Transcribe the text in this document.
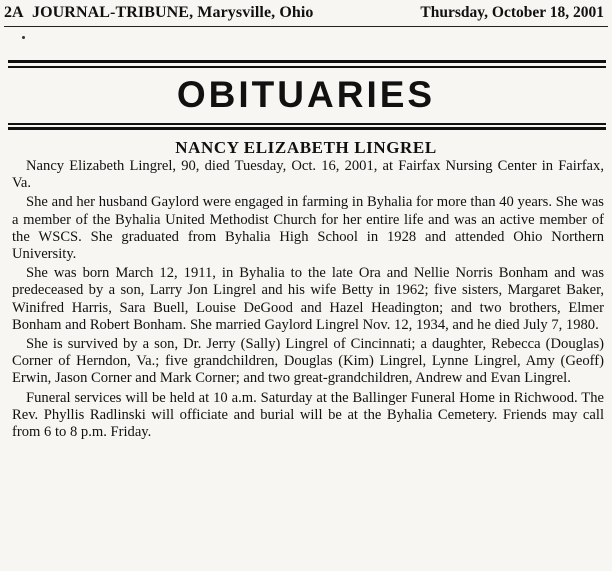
2A JOURNAL-TRIBUNE, Marysville, Ohio	Thursday, October 18, 2001
OBITUARIES
NANCY ELIZABETH LINGREL

Nancy Elizabeth Lingrel, 90, died Tuesday, Oct. 16, 2001, at Fairfax Nursing Center in Fairfax, Va.

She and her husband Gaylord were engaged in farming in Byhalia for more than 40 years. She was a member of the Byhalia United Methodist Church for her entire life and was an active member of the WSCS. She graduated from Byhalia High School in 1928 and attended Ohio Northern University.

She was born March 12, 1911, in Byhalia to the late Ora and Nellie Norris Bonham and was predeceased by a son, Larry Jon Lingrel and his wife Betty in 1962; five sisters, Margaret Baker, Winifred Harris, Sara Buell, Louise DeGood and Hazel Headington; and two brothers, Elmer Bonham and Robert Bonham. She married Gaylord Lingrel Nov. 12, 1934, and he died July 7, 1980.

She is survived by a son, Dr. Jerry (Sally) Lingrel of Cincinnati; a daughter, Rebecca (Douglas) Corner of Herndon, Va.; five grandchildren, Douglas (Kim) Lingrel, Lynne Lingrel, Amy (Geoff) Erwin, Jason Corner and Mark Corner; and two great-grandchildren, Andrew and Evan Lingrel.

Funeral services will be held at 10 a.m. Saturday at the Ballinger Funeral Home in Richwood. The Rev. Phyllis Radlinski will officiate and burial will be at the Byhalia Cemetery. Friends may call from 6 to 8 p.m. Friday.
